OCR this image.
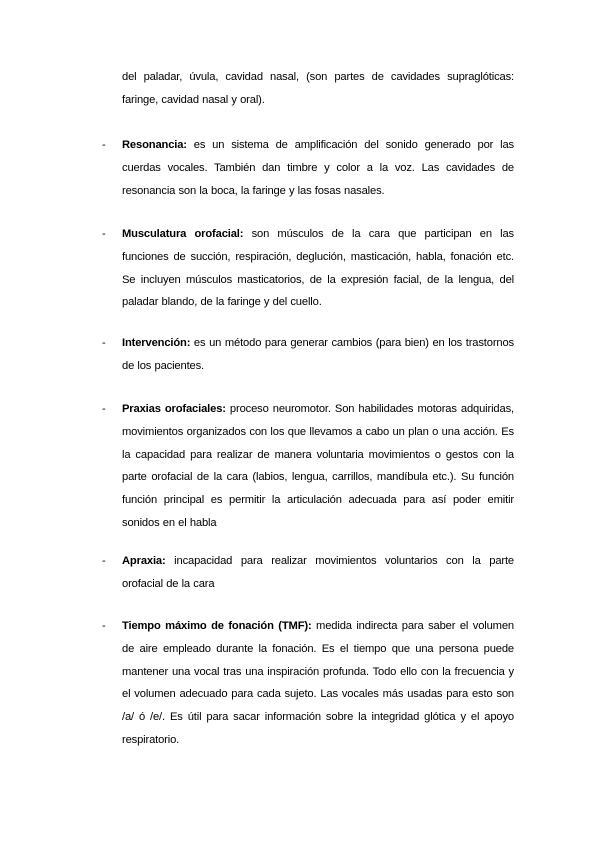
del paladar, úvula, cavidad nasal, (son partes de cavidades supraglóticas: faringe, cavidad nasal y oral).
- Resonancia: es un sistema de amplificación del sonido generado por las cuerdas vocales. También dan timbre y color a la voz. Las cavidades de resonancia son la boca, la faringe y las fosas nasales.
- Musculatura orofacial: son músculos de la cara que participan en las funciones de succión, respiración, deglución, masticación, habla, fonación etc. Se incluyen músculos masticatorios, de la expresión facial, de la lengua, del paladar blando, de la faringe y del cuello.
- Intervención: es un método para generar cambios (para bien) en los trastornos de los pacientes.
- Praxias orofaciales: proceso neuromotor. Son habilidades motoras adquiridas, movimientos organizados con los que llevamos a cabo un plan o una acción. Es la capacidad para realizar de manera voluntaria movimientos o gestos con la parte orofacial de la cara (labios, lengua, carrillos, mandíbula etc.). Su función función principal es permitir la articulación adecuada para así poder emitir sonidos en el habla
- Apraxia: incapacidad para realizar movimientos voluntarios con la parte orofacial de la cara
- Tiempo máximo de fonación (TMF): medida indirecta para saber el volumen de aire empleado durante la fonación. Es el tiempo que una persona puede mantener una vocal tras una inspiración profunda. Todo ello con la frecuencia y el volumen adecuado para cada sujeto. Las vocales más usadas para esto son /a/ ó /e/. Es útil para sacar información sobre la integridad glótica y el apoyo respiratorio.
